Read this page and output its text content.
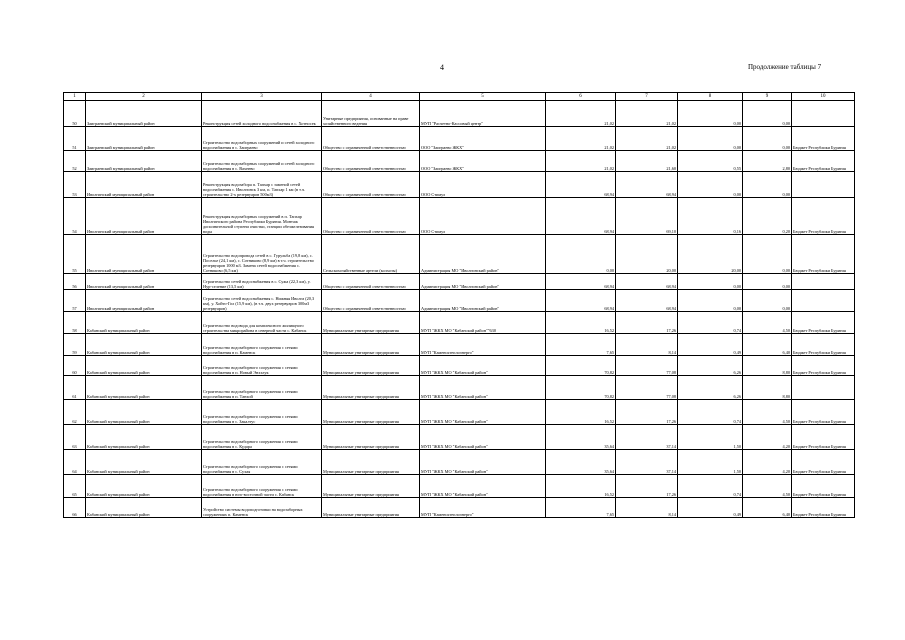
4	Продолжение таблицы 7
1	2	3	4	5	6	7	8	9	10
50	Заиграевский муниципальный район	Реконструкция сетей холодного водоснабжения в с. Хотносек	Унитарные предприятия, основанные на праве хозяйственного ведения	МУП "Расчетно-Кассовый центр"	21,02	21,02	0,00	0,00	
51	Заиграевский муниципальный район	Строительство водозаборных сооружений и сетей холодного водоснабжения в с. Заиграево	Общество с ограниченной ответственностью	ООО "Заиграево ЖКХ"	21,02	21,02	0,00	0,00	Бюджет Республики Бурятия
52	Заиграевский муниципальный район	Строительство водозаборных сооружений и сетей холодного водоснабжения в с. Вахнево	Общество с ограниченной ответственностью	ООО "Заиграево ЖКХ"	21,02	21,60	0,55	2,80	Бюджет Республики Бурятия
53	Иволгинский муниципальный район	Реконструкция водозабора п. Тапхар с заменой сетей водоснабжения с. Иволгинск 3 км, п. Тапхар 1 км (в т.ч. строительство 2-х резервуаров 500м3)	Общество с ограниченной ответственностью	ООО Стимул	68,94	68,94	0,00	0,00	
54	Иволгинский муниципальный район	Реконструкция водозаборных сооружений в п. Тапхар Иволгинского района Республики Бурятия. Монтаж дополнительной ступени очистки, станции обезжелезивания воды	Общество с ограниченной ответственностью	ООО Стимул	68,94	69,10	0,16	0,20	Бюджет Республики Бурятия
55	Иволгинский муниципальный район	Строительство водопровода сетей в с. Гурульба (19,8 км), с. Поселье (24,1 км), с. Сотниково (8,9 км) в т.ч. строительство резервуаров 1000 м3. Замена сетей водоснабжения с. Сотниково (6,5 км)	Сельскохозяйственные артели (колхозы)	Администрация МО "Иволгинский район"	0,00	20,00	20,00	0,00	Бюджет Республики Бурятия
56	Иволгинский муниципальный район	Строительство сетей водоснабжения в с. Сужа (22,3 км), у. Нур-селение (13,5 км)	Общество с ограниченной ответственностью	Администрация МО "Иволгинский район"	68,94	68,94	0,00	0,00	
57	Иволгинский муниципальный район	Строительство сетей водоснабжения с. Нижняя Иволга (20,3 км), у. Хойто-Гол (15,9 км), (в т.ч. двух резервуаров 300м3 резервуаров)	Общество с ограниченной ответственностью	Администрация МО "Иволгинский район"	68,94	68,94	0,00	0,00	
58	Кабанский муниципальный район	Строительство водовода для комплексного жилищного строительства микрорайона в северной части с. Кабанск	Муниципальные унитарные предприятия	МУП "ЖКХ МО "Кабанский район""630	16,52	17,26	0,74	4,50	Бюджет Республики Бурятия
59	Кабанский муниципальный район	Строительство водозаборного сооружения с сетями водоснабжения в п. Каменск	Муниципальные унитарные предприятия	МУП "Каменсктеплоэнерго"	7,65	8,14	0,49	6,40	Бюджет Республики Бурятия
60	Кабанский муниципальный район	Строительство водозаборного сооружения с сетями водоснабжения в п. Новый Энхэлук	Муниципальные унитарные предприятия	МУП "ЖКХ МО "Кабанский район"	70,82	77,08	6,26	8,80	Бюджет Республики Бурятия
61	Кабанский муниципальный район	Строительство водозаборного сооружения с сетями водоснабжения в п. Танхой	Муниципальные унитарные предприятия	МУП "ЖКХ МО "Кабанский район"	70,82	77,08	6,26	8,80	
62	Кабанский муниципальный район	Строительство водозаборного сооружения с сетями водоснабжения в с. Закалтус	Муниципальные унитарные предприятия	МУП "ЖКХ МО "Кабанский район"	16,52	17,26	0,74	4,50	Бюджет Республики Бурятия
63	Кабанский муниципальный район	Строительство водозаборного сооружения с сетями водоснабжения в с. Кудара	Муниципальные унитарные предприятия	МУП "ЖКХ МО "Кабанский район"	35,64	37,14	1,50	4,20	Бюджет Республики Бурятия
64	Кабанский муниципальный район	Строительство водозаборного сооружения с сетями водоснабжения в с. Сухая	Муниципальные унитарные предприятия	МУП "ЖКХ МО "Кабанский район"	35,64	37,14	1,50	4,20	Бюджет Республики Бурятия
65	Кабанский муниципальный район	Строительство водозаборного сооружения с сетями водоснабжения в юго-восточной части с. Кабанск	Муниципальные унитарные предприятия	МУП "ЖКХ МО "Кабанский район"	16,52	17,26	0,74	4,50	Бюджет Республики Бурятия
66	Кабанский муниципальный район	Устройство системы водоподготовки на водозаборных сооружениях п. Каменск	Муниципальные унитарные предприятия	МУП "Каменсктеплоэнерго"	7,65	8,14	0,49	6,40	Бюджет Республики Бурятия
